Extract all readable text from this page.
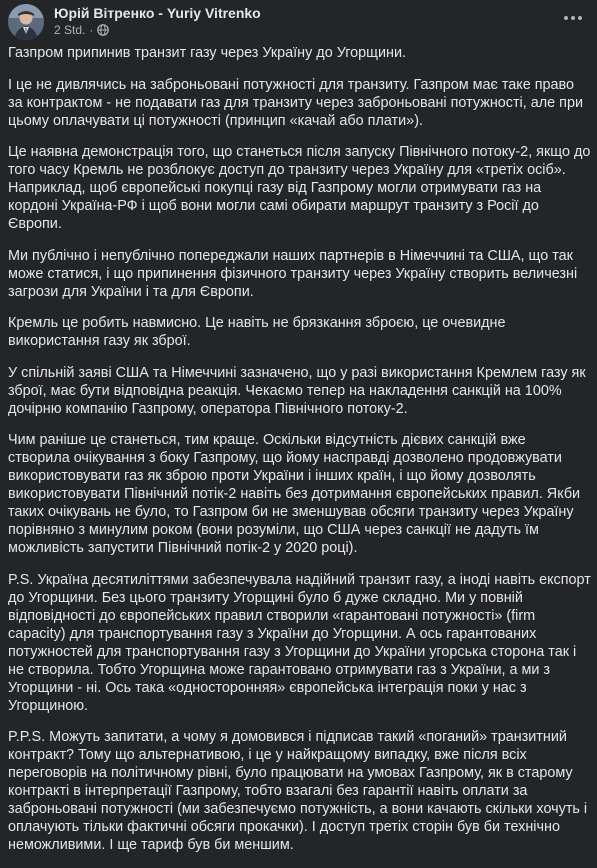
Юрій Вітренко - Yuriy Vitrenko
2 Std. ·

Газпром припинив транзит газу через Україну до Угорщини.

І це не дивлячись на заброньовані потужності для транзиту. Газпром має таке право за контрактом - не подавати газ для транзиту через заброньовані потужності, але при цьому оплачувати ці потужності (принцип «качай або плати»).

Це наявна демонстрація того, що станеться після запуску Північного потоку-2, якщо до того часу Кремль не розблокує доступ до транзиту через Україну для «третіх осіб». Наприклад, щоб європейські покупці газу від Газпрому могли отримувати газ на кордоні Україна-РФ і щоб вони могли самі обирати маршрут транзиту з Росії до Європи.

Ми публічно і непублічно попереджали наших партнерів в Німеччині та США, що так може статися, і що припинення фізичного транзиту через Україну створить величезні загрози для України і та для Європи.

Кремль це робить навмисно. Це навіть не брязкання зброєю, це очевидне використання газу як зброї.

У спільній заяві США та Німеччині зазначено, що у разі використання Кремлем газу як зброї, має бути відповідна реакція. Чекаємо тепер на накладення санкцій на 100% дочірню компанію Газпрому, оператора Північного потоку-2.

Чим раніше це станеться, тим краще. Оскільки відсутність дієвих санкцій вже створила очікування з боку Газпрому, що йому насправді дозволено продовжувати використовувати газ як зброю проти України і інших країн, і що йому дозволять використовувати Північний потік-2 навіть без дотримання європейських правил. Якби таких очікувань не було, то Газпром би не зменшував обсяги транзиту через Україну порівняно з минулим роком (вони розуміли, що США через санкції не дадуть їм можливість запустити Північний потік-2 у 2020 році).

P.S. Україна десятиліттями забезпечувала надійний транзит газу, а іноді навіть експорт до Угорщини. Без цього транзиту Угорщині було б дуже складно. Ми у повній відповідності до європейських правил створили «гарантовані потужності» (firm capacity) для транспортування газу з України до Угорщини. А ось гарантованих потужностей для транспортування газу з Угорщини до України угорська сторона так і не створила. Тобто Угорщина може гарантовано отримувати газ з України, а ми з Угорщини - ні. Ось така «односторонняя» європейська інтеграція поки у нас з Угорщиною.

P.P.S. Можуть запитати, а чому я домовився і підписав такий «поганий» транзитний контракт? Тому що альтернативою, і це у найкращому випадку, вже після всіх переговорів на політичному рівні, було працювати на умовах Газпрому, як в старому контракті в інтерпретації Газпрому, тобто взагалі без гарантії навіть оплати за заброньовані потужності (ми забезпечуємо потужність, а вони качають скільки хочуть і оплачують тільки фактичні обсяги прокачки). І доступ третіх сторін був би технічно неможливими. І ще тариф був би меншим.
